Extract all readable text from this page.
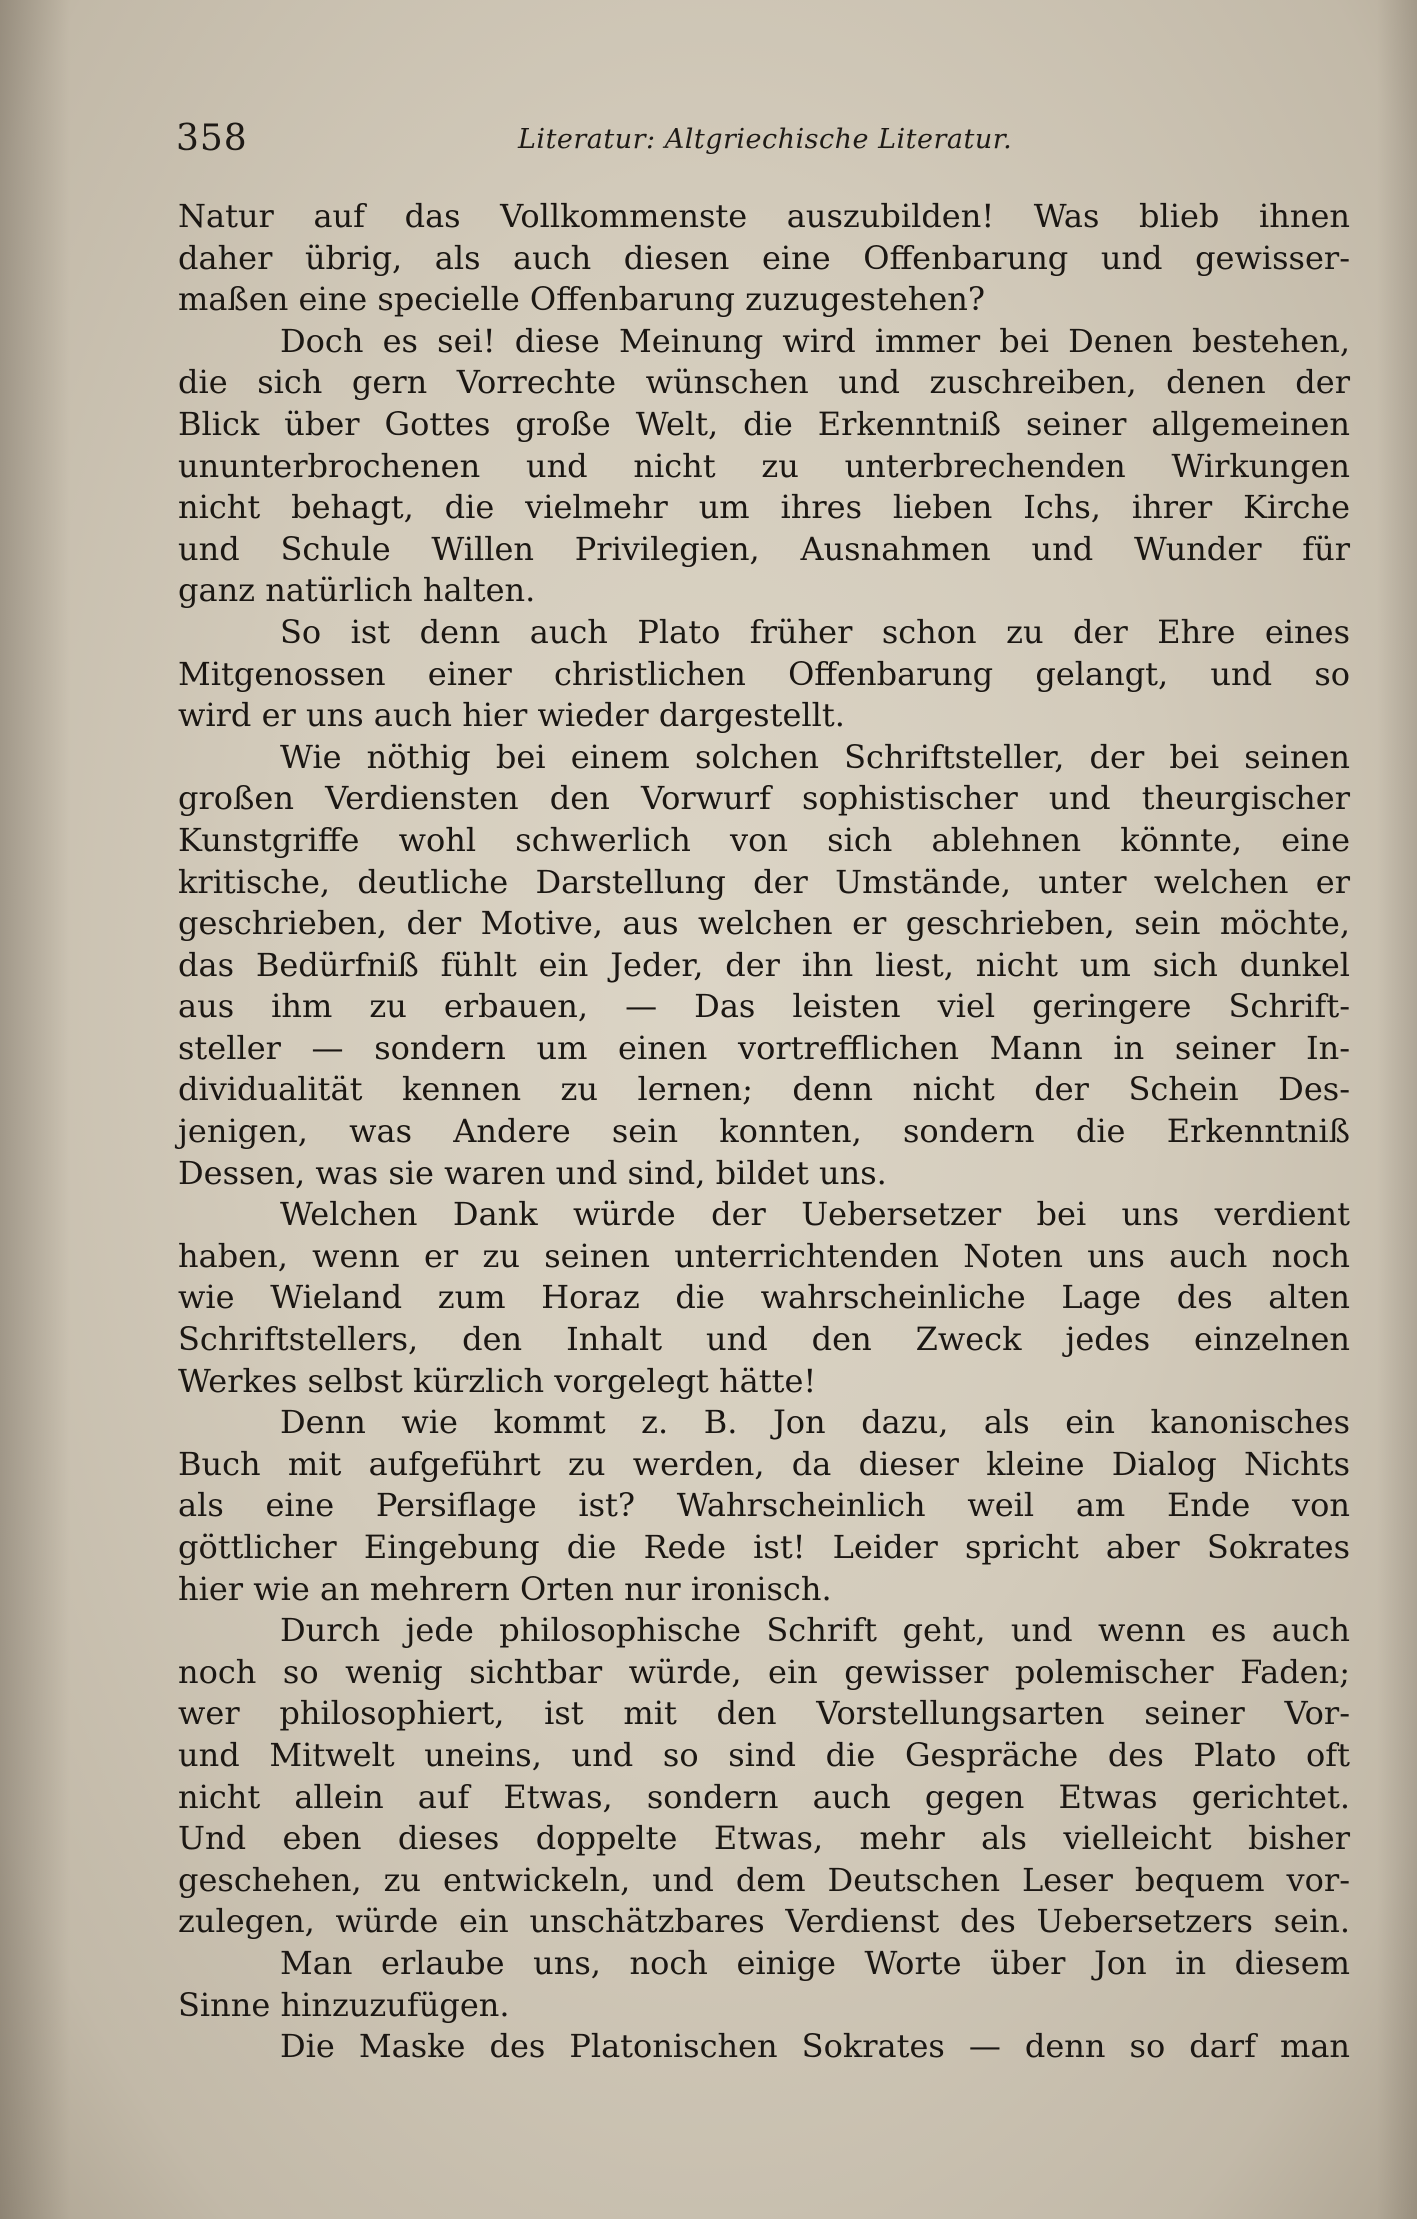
358	Literatur: Altgriechische Literatur.
Natur auf das Vollkommenste auszubilden! Was blieb ihnen
daher übrig, als auch diesen eine Offenbarung und gewisser-
maßen eine specielle Offenbarung zuzugestehen?
Doch es sei! diese Meinung wird immer bei Denen bestehen,
die sich gern Vorrechte wünschen und zuschreiben, denen der
Blick über Gottes große Welt, die Erkenntniß seiner allgemeinen
ununterbrochenen und nicht zu unterbrechenden Wirkungen
nicht behagt, die vielmehr um ihres lieben Ichs, ihrer Kirche
und Schule Willen Privilegien, Ausnahmen und Wunder für
ganz natürlich halten.
So ist denn auch Plato früher schon zu der Ehre eines
Mitgenossen einer christlichen Offenbarung gelangt, und so
wird er uns auch hier wieder dargestellt.
Wie nöthig bei einem solchen Schriftsteller, der bei seinen
großen Verdiensten den Vorwurf sophistischer und theurgischer
Kunstgriffe wohl schwerlich von sich ablehnen könnte, eine
kritische, deutliche Darstellung der Umstände, unter welchen er
geschrieben, der Motive, aus welchen er geschrieben, sein möchte,
das Bedürfniß fühlt ein Jeder, der ihn liest, nicht um sich dunkel
aus ihm zu erbauen, — Das leisten viel geringere Schrift-
steller — sondern um einen vortrefflichen Mann in seiner In-
dividualität kennen zu lernen; denn nicht der Schein Des-
jenigen, was Andere sein konnten, sondern die Erkenntniß
Dessen, was sie waren und sind, bildet uns.
Welchen Dank würde der Uebersetzer bei uns verdient
haben, wenn er zu seinen unterrichtenden Noten uns auch noch
wie Wieland zum Horaz die wahrscheinliche Lage des alten
Schriftstellers, den Inhalt und den Zweck jedes einzelnen
Werkes selbst kürzlich vorgelegt hätte!
Denn wie kommt z. B. Jon dazu, als ein kanonisches
Buch mit aufgeführt zu werden, da dieser kleine Dialog Nichts
als eine Persiflage ist? Wahrscheinlich weil am Ende von
göttlicher Eingebung die Rede ist! Leider spricht aber Sokrates
hier wie an mehrern Orten nur ironisch.
Durch jede philosophische Schrift geht, und wenn es auch
noch so wenig sichtbar würde, ein gewisser polemischer Faden;
wer philosophiert, ist mit den Vorstellungsarten seiner Vor-
und Mitwelt uneins, und so sind die Gespräche des Plato oft
nicht allein auf Etwas, sondern auch gegen Etwas gerichtet.
Und eben dieses doppelte Etwas, mehr als vielleicht bisher
geschehen, zu entwickeln, und dem Deutschen Leser bequem vor-
zulegen, würde ein unschätzbares Verdienst des Uebersetzers sein.
Man erlaube uns, noch einige Worte über Jon in diesem
Sinne hinzuzufügen.
Die Maske des Platonischen Sokrates — denn so darf man
